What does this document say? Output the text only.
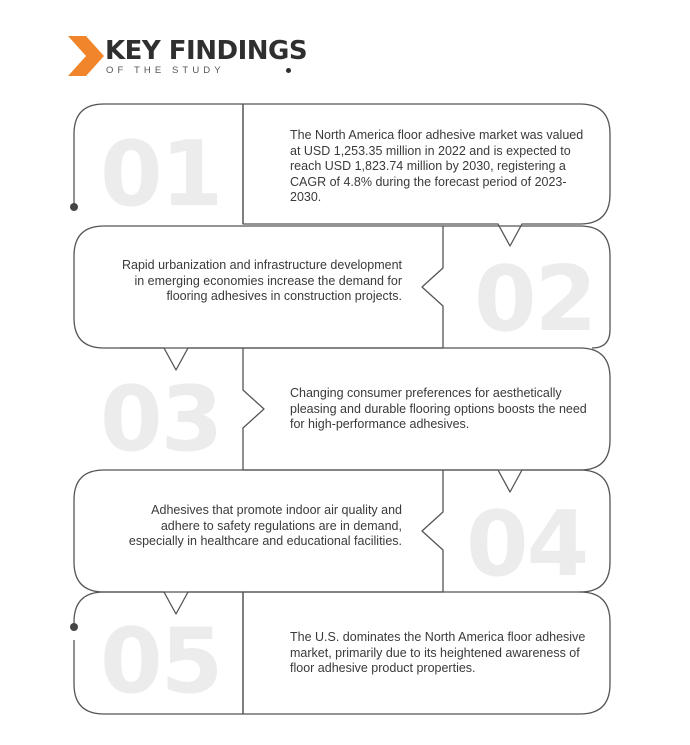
KEY FINDINGS
OF THE STUDY
01	The North America floor adhesive market was valued at USD 1,253.35 million in 2022 and is expected to reach USD 1,823.74 million by 2030, registering a CAGR of 4.8% during the forecast period of 2023-2030.
02
Rapid urbanization and infrastructure development in emerging economies increase the demand for flooring adhesives in construction projects.
03	Changing consumer preferences for aesthetically pleasing and durable flooring options boosts the need for high-performance adhesives.
04
Adhesives that promote indoor air quality and adhere to safety regulations are in demand, especially in healthcare and educational facilities.
05	The U.S. dominates the North America floor adhesive market, primarily due to its heightened awareness of floor adhesive product properties.
